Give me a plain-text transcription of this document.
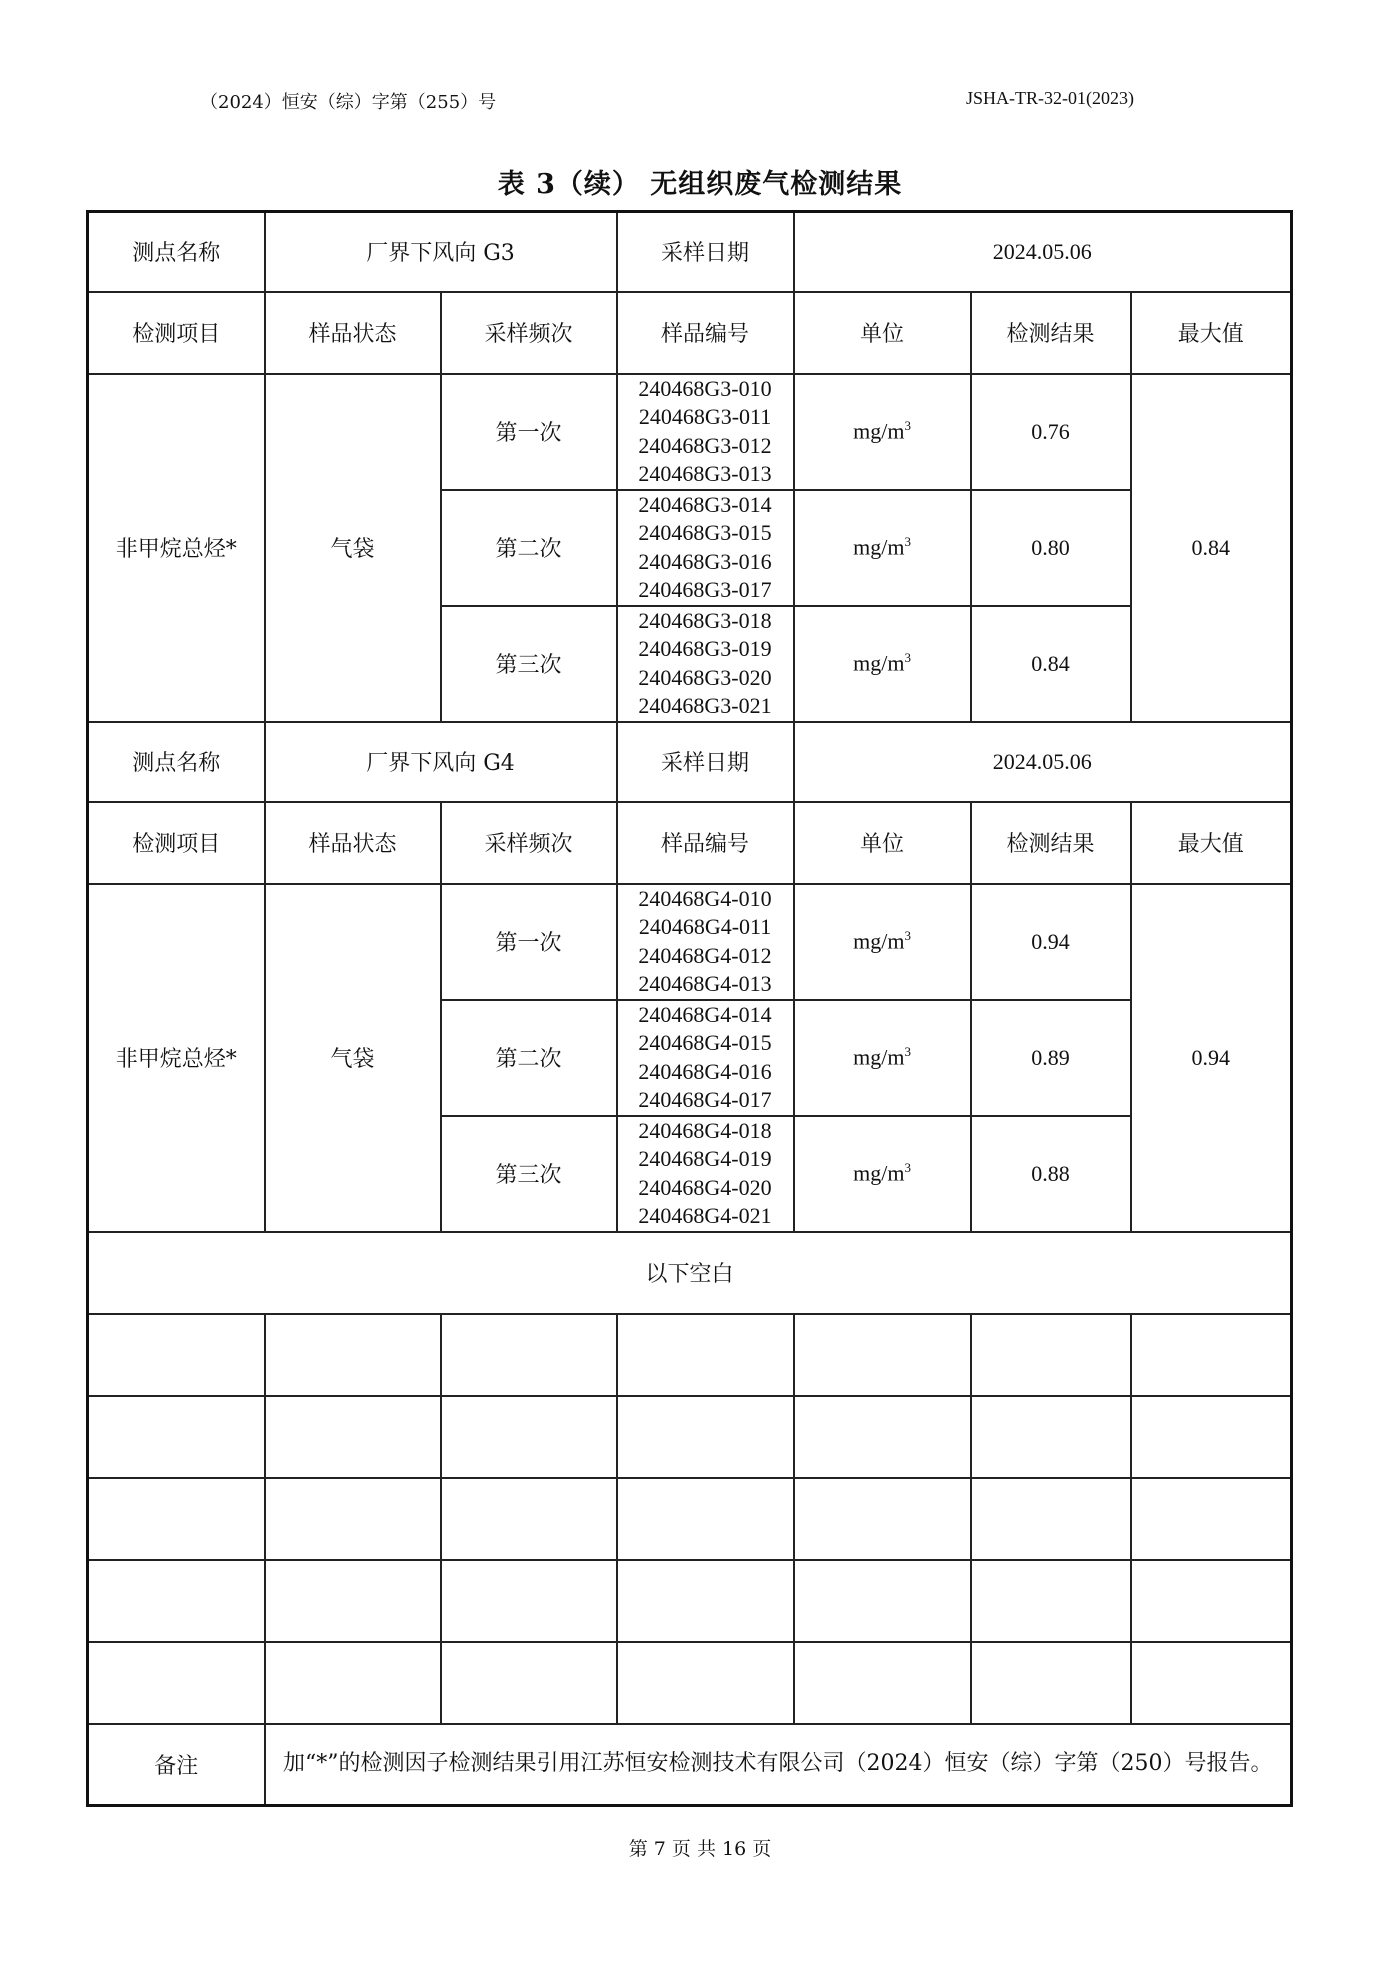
（2024）恒安（综）字第（255）号	JSHA-TR-32-01(2023)
表 3（续） 无组织废气检测结果
测点名称	厂界下风向 G3		采样日期	2024.05.06		
检测项目	样品状态	采样频次	样品编号	单位	检测结果	最大值
非甲烷总烃*	气袋	第一次	240468G3-010
240468G3-011
240468G3-012
240468G3-013	$mg/m^3$	0.76	0.84
		第二次	240468G3-014
240468G3-015
240468G3-016
240468G3-017	$mg/m^3$	0.80	
		第三次	240468G3-018
240468G3-019
240468G3-020
240468G3-021	$mg/m^3$	0.84	
测点名称	厂界下风向 G4		采样日期	2024.05.06		
检测项目	样品状态	采样频次	样品编号	单位	检测结果	最大值
非甲烷总烃*	气袋	第一次	240468G4-010
240468G4-011
240468G4-012
240468G4-013	$mg/m^3$	0.94	0.94
		第二次	240468G4-014
240468G4-015
240468G4-016
240468G4-017	$mg/m^3$	0.89	
		第三次	240468G4-018
240468G4-019
240468G4-020
240468G4-021	$mg/m^3$	0.88	
以下空白						

备注	加“*”的检测因子检测结果引用江苏恒安检测技术有限公司（2024）恒安（综）字第（250）号报告。					
第 7 页 共 16 页
